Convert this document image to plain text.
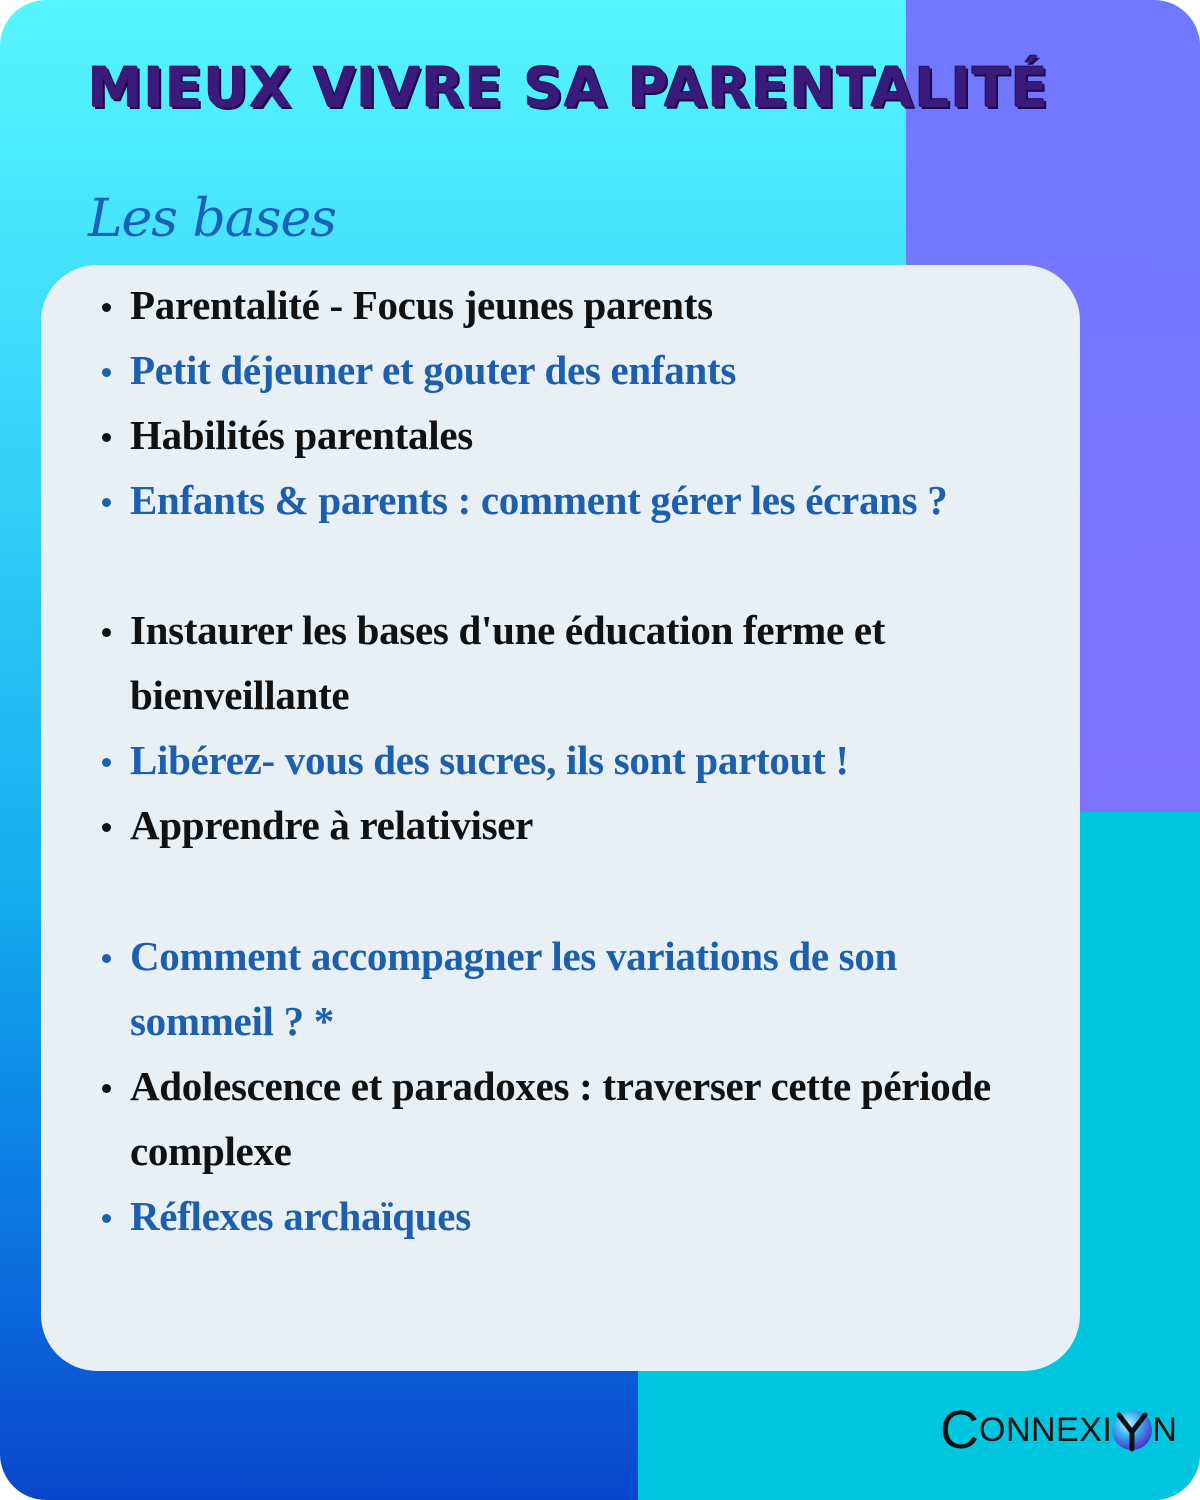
MIEUX VIVRE SA PARENTALITÉ
Les bases
Parentalité - Focus jeunes parents
Petit déjeuner et gouter des enfants
Habilités parentales
Enfants & parents : comment gérer les écrans ?
Instaurer les bases d'une éducation ferme et bienveillante
Libérez- vous des sucres, ils sont partout !
Apprendre à relativiser
Comment accompagner les variations de son sommeil ? *
Adolescence et paradoxes : traverser cette période complexe
Réflexes archaïques
C ONNEXI N
